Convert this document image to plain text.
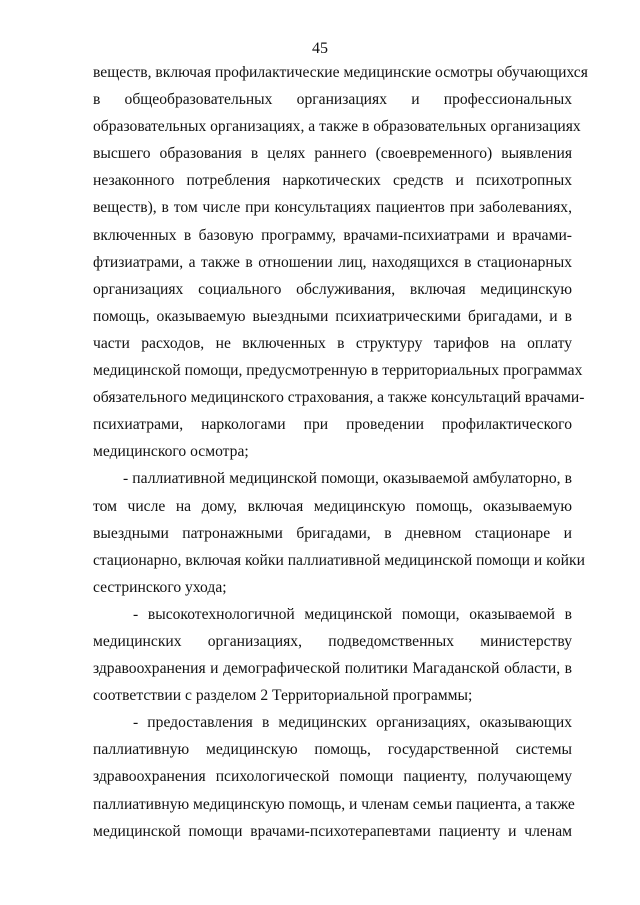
45
веществ, включая профилактические медицинские осмотры обучающихся
в общеобразовательных организациях и профессиональных
образовательных организациях, а также в образовательных организациях
высшего образования в целях раннего (своевременного) выявления
незаконного потребления наркотических средств и психотропных
веществ), в том числе при консультациях пациентов при заболеваниях,
включенных в базовую программу, врачами-психиатрами и врачами-
фтизиатрами, а также в отношении лиц, находящихся в стационарных
организациях социального обслуживания, включая медицинскую
помощь, оказываемую выездными психиатрическими бригадами, и в
части расходов, не включенных в структуру тарифов на оплату
медицинской помощи, предусмотренную в территориальных программах
обязательного медицинского страхования, а также консультаций врачами-
психиатрами, наркологами при проведении профилактического
медицинского осмотра;
- паллиативной медицинской помощи, оказываемой амбулаторно, в
том числе на дому, включая медицинскую помощь, оказываемую
выездными патронажными бригадами, в дневном стационаре и
стационарно, включая койки паллиативной медицинской помощи и койки
сестринского ухода;
- высокотехнологичной медицинской помощи, оказываемой в
медицинских организациях, подведомственных министерству
здравоохранения и демографической политики Магаданской области, в
соответствии с разделом 2 Территориальной программы;
- предоставления в медицинских организациях, оказывающих
паллиативную медицинскую помощь, государственной системы
здравоохранения психологической помощи пациенту, получающему
паллиативную медицинскую помощь, и членам семьи пациента, а также
медицинской помощи врачами-психотерапевтами пациенту и членам
